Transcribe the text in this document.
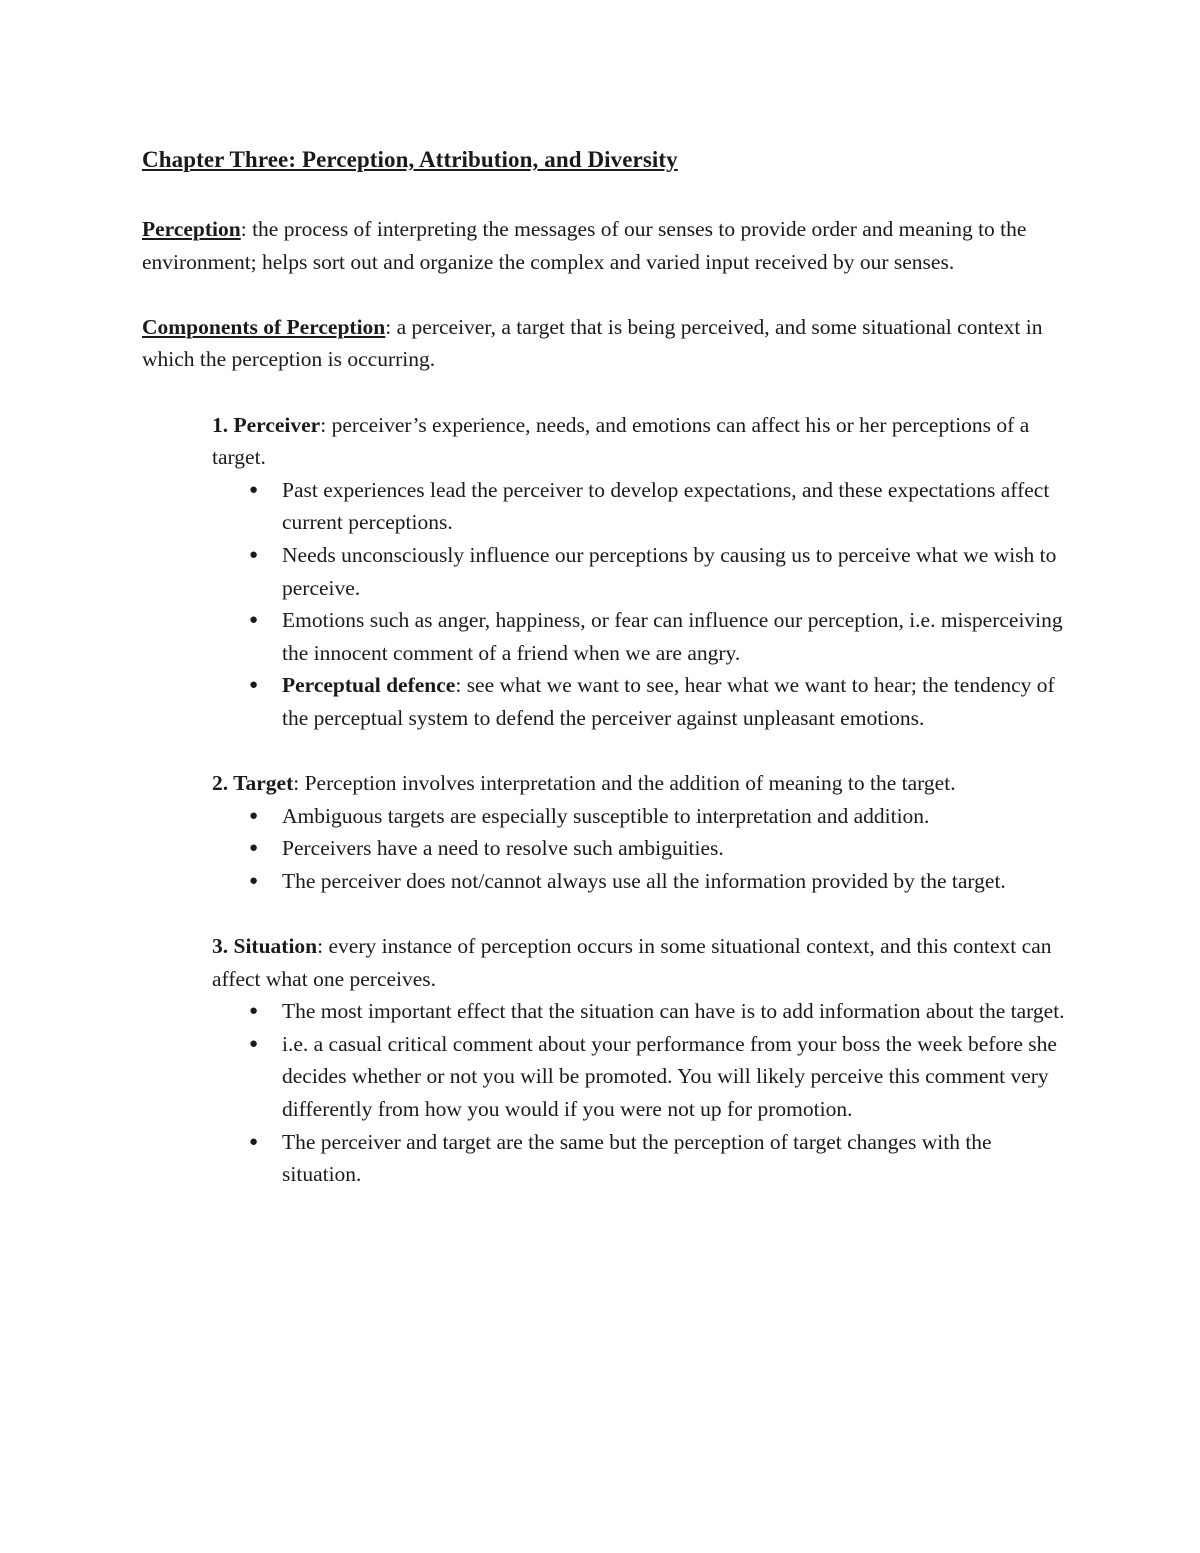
Chapter Three: Perception, Attribution, and Diversity

Perception: the process of interpreting the messages of our senses to provide order and meaning to the environment; helps sort out and organize the complex and varied input received by our senses.

Components of Perception: a perceiver, a target that is being perceived, and some situational context in which the perception is occurring.

1. Perceiver: perceiver’s experience, needs, and emotions can affect his or her perceptions of a target.

● Past experiences lead the perceiver to develop expectations, and these expectations affect current perceptions.
● Needs unconsciously influence our perceptions by causing us to perceive what we wish to perceive.
● Emotions such as anger, happiness, or fear can influence our perception, i.e. misperceiving the innocent comment of a friend when we are angry.
● Perceptual defence: see what we want to see, hear what we want to hear; the tendency of the perceptual system to defend the perceiver against unpleasant emotions.

2. Target: Perception involves interpretation and the addition of meaning to the target.

● Ambiguous targets are especially susceptible to interpretation and addition.
● Perceivers have a need to resolve such ambiguities.
● The perceiver does not/cannot always use all the information provided by the target.

3. Situation: every instance of perception occurs in some situational context, and this context can affect what one perceives.

● The most important effect that the situation can have is to add information about the target.
● i.e. a casual critical comment about your performance from your boss the week before she decides whether or not you will be promoted. You will likely perceive this comment very differently from how you would if you were not up for promotion.
● The perceiver and target are the same but the perception of target changes with the situation.
